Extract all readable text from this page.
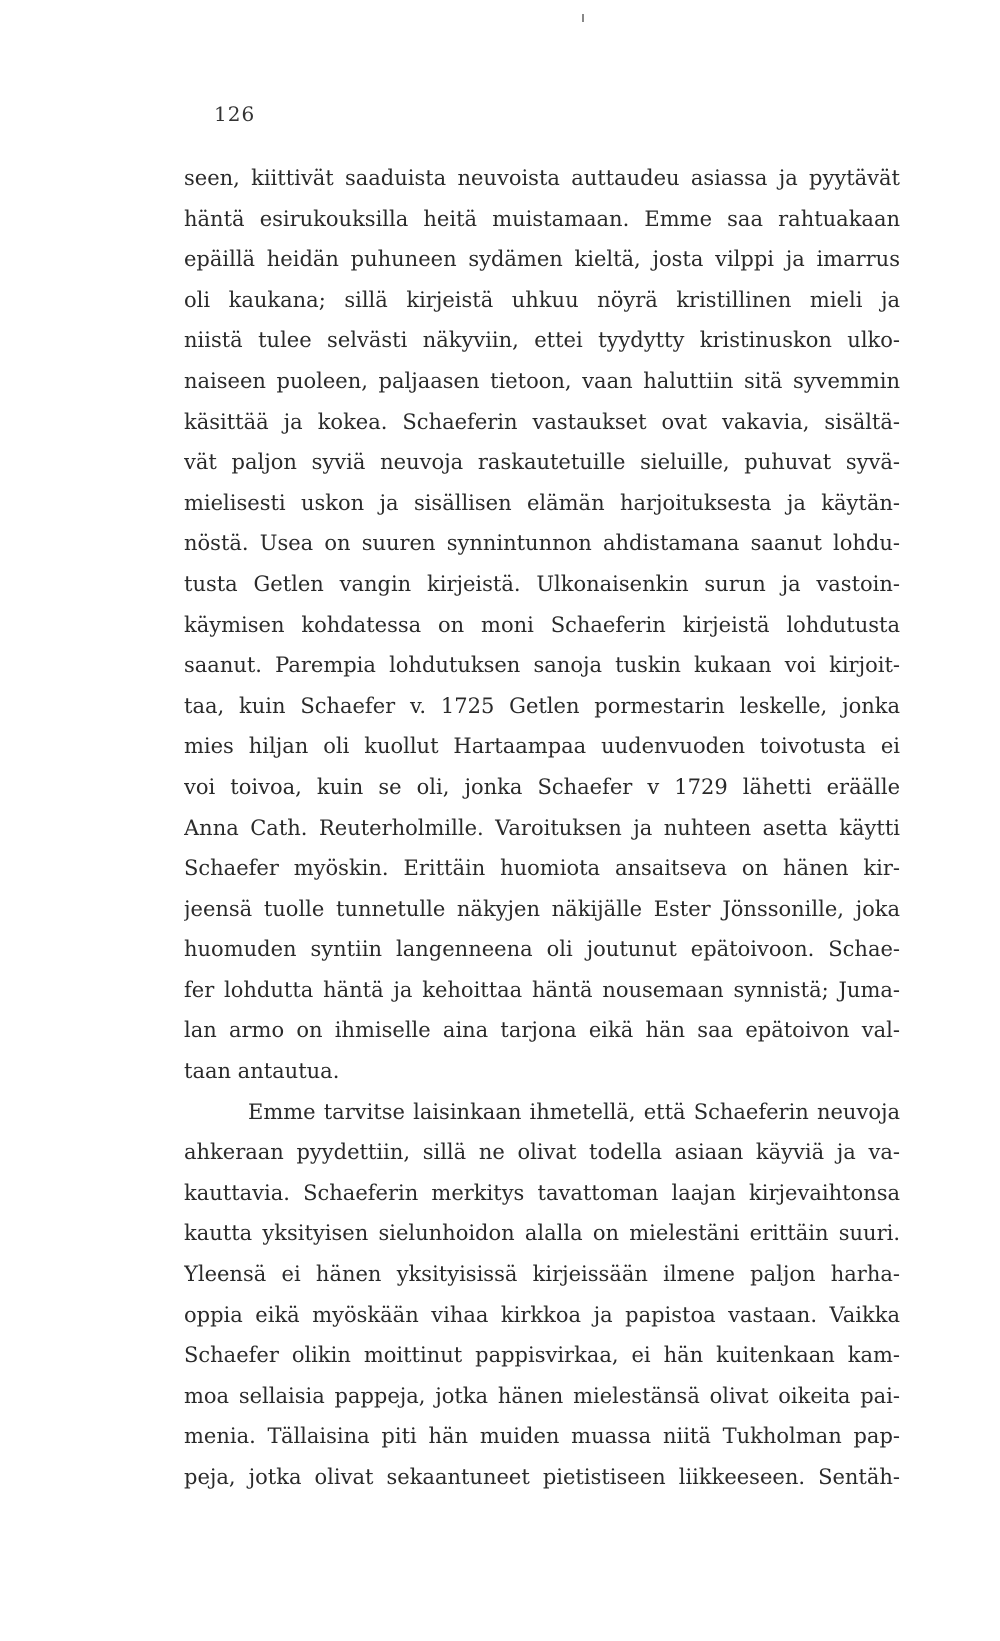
126
seen, kiittivät saaduista neuvoista auttaudeu asiassa ja pyytävät
häntä esirukouksilla heitä muistamaan. Emme saa rahtuakaan
epäillä heidän puhuneen sydämen kieltä, josta vilppi ja imarrus
oli kaukana; sillä kirjeistä uhkuu nöyrä kristillinen mieli ja
niistä tulee selvästi näkyviin, ettei tyydytty kristinuskon ulko-
naiseen puoleen, paljaasen tietoon, vaan haluttiin sitä syvemmin
käsittää ja kokea. Schaeferin vastaukset ovat vakavia, sisältä-
vät paljon syviä neuvoja raskautetuille sieluille, puhuvat syvä-
mielisesti uskon ja sisällisen elämän harjoituksesta ja käytän-
nöstä. Usea on suuren synnintunnon ahdistamana saanut lohdu-
tusta Getlen vangin kirjeistä. Ulkonaisenkin surun ja vastoin-
käymisen kohdatessa on moni Schaeferin kirjeistä lohdutusta
saanut. Parempia lohdutuksen sanoja tuskin kukaan voi kirjoit-
taa, kuin Schaefer v. 1725 Getlen pormestarin leskelle, jonka
mies hiljan oli kuollut Hartaampaa uudenvuoden toivotusta ei
voi toivoa, kuin se oli, jonka Schaefer v 1729 lähetti eräälle
Anna Cath. Reuterholmille. Varoituksen ja nuhteen asetta käytti
Schaefer myöskin. Erittäin huomiota ansaitseva on hänen kir-
jeensä tuolle tunnetulle näkyjen näkijälle Ester Jönssonille, joka
huomuden syntiin langenneena oli joutunut epätoivoon. Schae-
fer lohdutta häntä ja kehoittaa häntä nousemaan synnistä; Juma-
lan armo on ihmiselle aina tarjona eikä hän saa epätoivon val-
taan antautua.
Emme tarvitse laisinkaan ihmetellä, että Schaeferin neuvoja
ahkeraan pyydettiin, sillä ne olivat todella asiaan käyviä ja va-
kauttavia. Schaeferin merkitys tavattoman laajan kirjevaihtonsa
kautta yksityisen sielunhoidon alalla on mielestäni erittäin suuri.
Yleensä ei hänen yksityisissä kirjeissään ilmene paljon harha-
oppia eikä myöskään vihaa kirkkoa ja papistoa vastaan. Vaikka
Schaefer olikin moittinut pappisvirkaa, ei hän kuitenkaan kam-
moa sellaisia pappeja, jotka hänen mielestänsä olivat oikeita pai-
menia. Tällaisina piti hän muiden muassa niitä Tukholman pap-
peja, jotka olivat sekaantuneet pietistiseen liikkeeseen. Sentäh-
